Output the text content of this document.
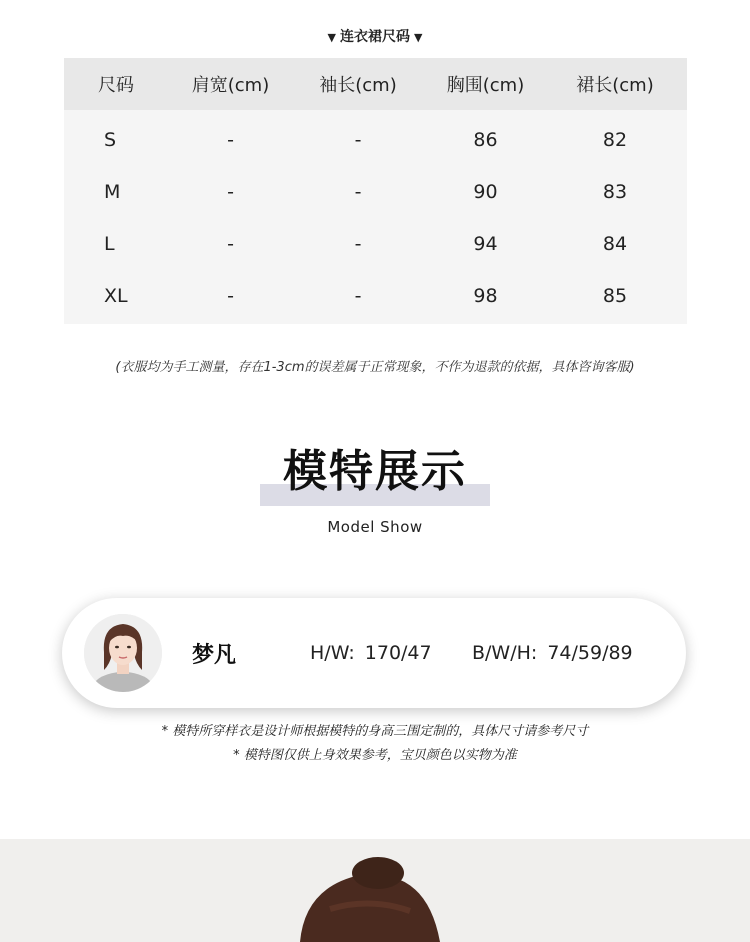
▼ 连衣裙尺码 ▼
尺码	肩宽(cm)	袖长(cm)	胸围(cm)	裙长(cm)
S	-	-	86	82
M	-	-	90	83
L	-	-	94	84
XL	-	-	98	85
(衣服均为手工测量，存在1-3cm的误差属于正常现象，不作为退款的依据，具体咨询客服)
模特展示
Model Show
梦凡	H/W: 170/47 B/W/H: 74/59/89
* 模特所穿样衣是设计师根据模特的身高三围定制的，具体尺寸请参考尺寸
* 模特图仅供上身效果参考，宝贝颜色以实物为准
